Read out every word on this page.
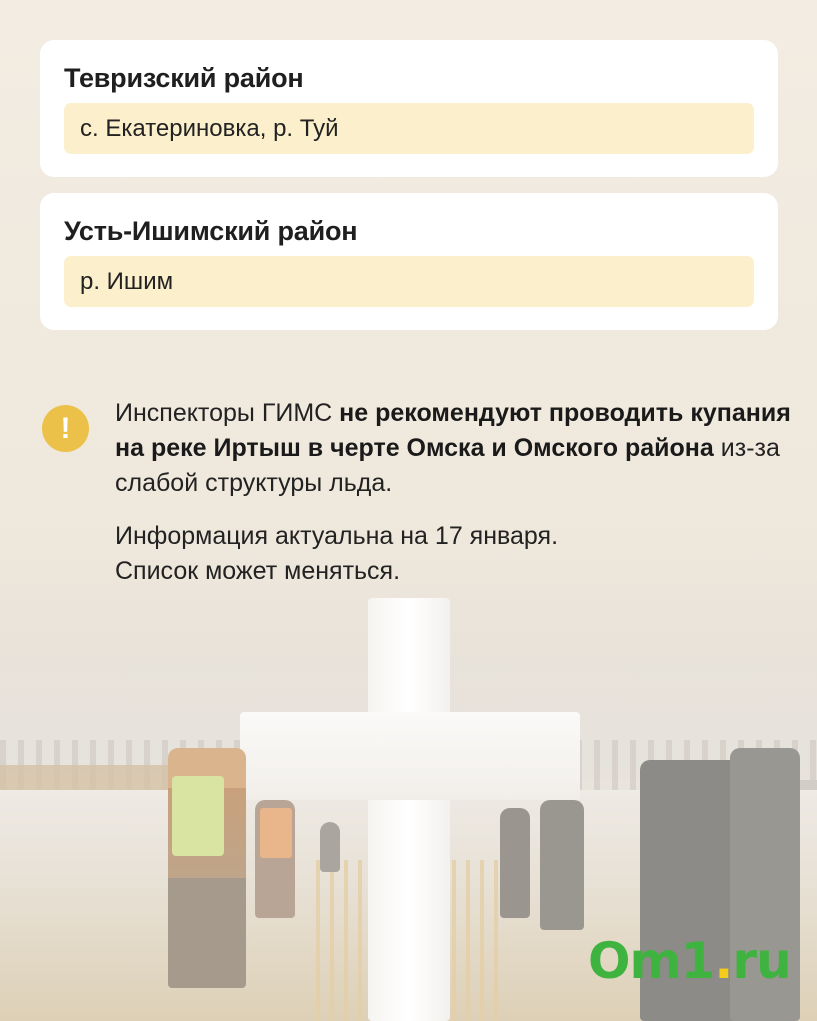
Тевризский район
с. Екатериновка, р. Туй
Усть-Ишимский район
р. Ишим
!	Инспекторы ГИМС не рекомендуют проводить купания на реке Иртыш в черте Омска и Омского района из-за слабой структуры льда.

Информация актуальна на 17 января.
Список может меняться.

Om1.ru
